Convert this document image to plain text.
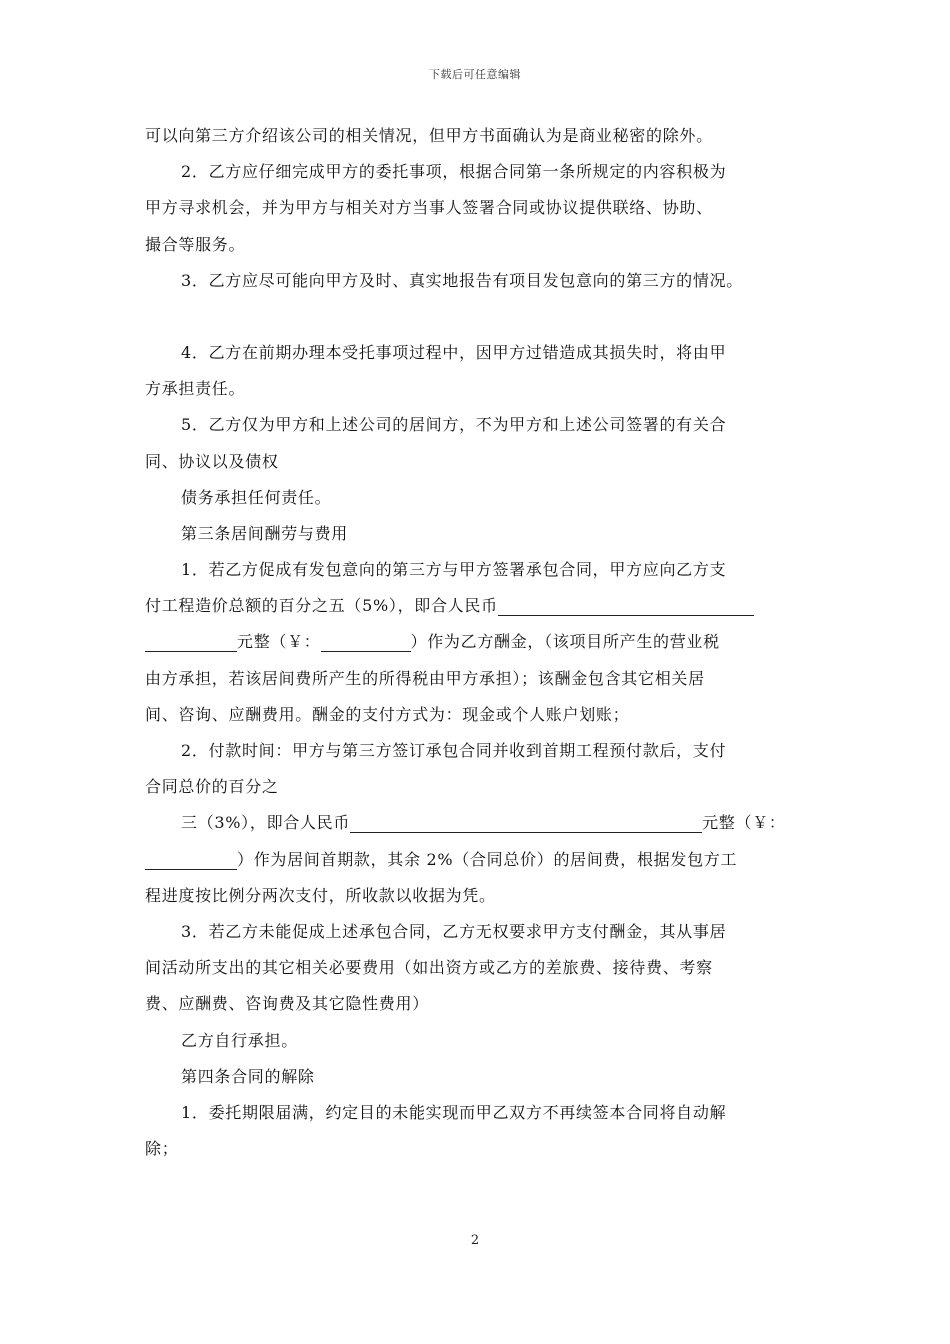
下载后可任意编辑
可以向第三方介绍该公司的相关情况，但甲方书面确认为是商业秘密的除外。
2．乙方应仔细完成甲方的委托事项，根据合同第一条所规定的内容积极为
甲方寻求机会，并为甲方与相关对方当事人签署合同或协议提供联络、协助、
撮合等服务。
3．乙方应尽可能向甲方及时、真实地报告有项目发包意向的第三方的情况。
4．乙方在前期办理本受托事项过程中，因甲方过错造成其损失时，将由甲
方承担责任。
5．乙方仅为甲方和上述公司的居间方，不为甲方和上述公司签署的有关合
同、协议以及债权
债务承担任何责任。
第三条居间酬劳与费用
1．若乙方促成有发包意向的第三方与甲方签署承包合同，甲方应向乙方支
付工程造价总额的百分之五（5%），即合人民币
元整（￥：	）作为乙方酬金，（该项目所产生的营业税
由方承担，若该居间费所产生的所得税由甲方承担）；该酬金包含其它相关居
间、咨询、应酬费用。酬金的支付方式为：现金或个人账户划账；
2．付款时间：甲方与第三方签订承包合同并收到首期工程预付款后，支付
合同总价的百分之
三（3%），即合人民币	元整（￥：
）作为居间首期款，其余 2%（合同总价）的居间费，根据发包方工
程进度按比例分两次支付，所收款以收据为凭。
3．若乙方未能促成上述承包合同，乙方无权要求甲方支付酬金，其从事居
间活动所支出的其它相关必要费用（如出资方或乙方的差旅费、接待费、考察
费、应酬费、咨询费及其它隐性费用）
乙方自行承担。
第四条合同的解除
1．委托期限届满，约定目的未能实现而甲乙双方不再续签本合同将自动解
除；
2
